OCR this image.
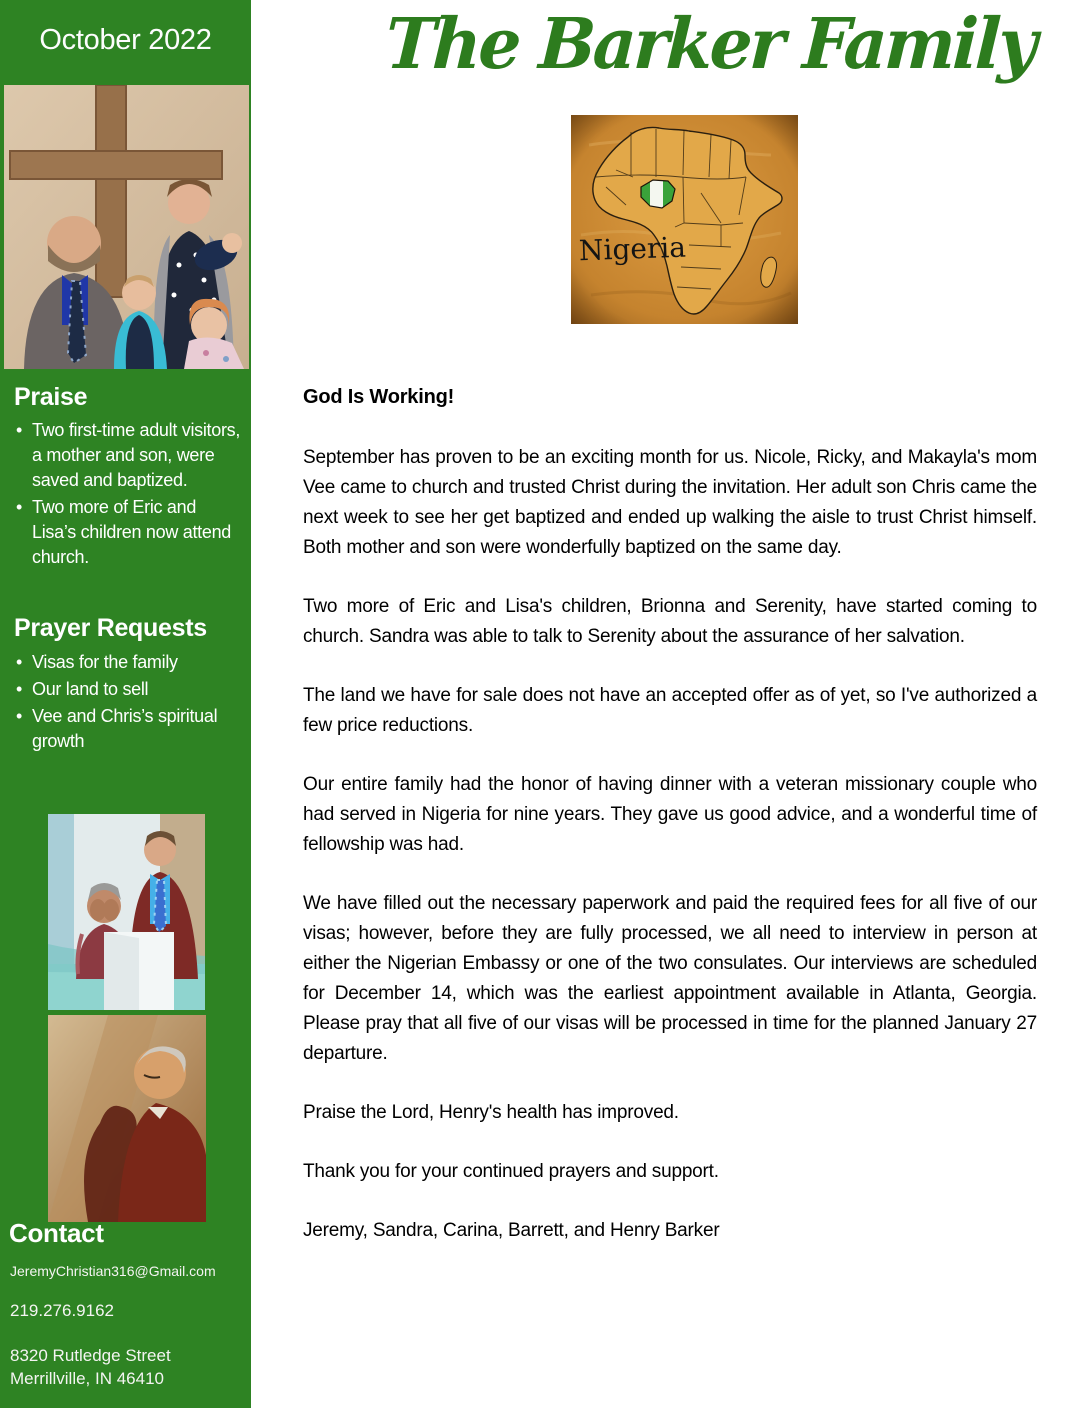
October 2022
Praise
• Two first-time adult visitors, a mother and son, were saved and baptized.
• Two more of Eric and Lisa’s children now attend church.
Prayer Requests
• Visas for the family
• Our land to sell
• Vee and Chris’s spiritual growth
Contact
JeremyChristian316@Gmail.com
219.276.9162
8320 Rutledge Street
Merrillville, IN 46410
The Barker Family
God Is Working!

September has proven to be an exciting month for us. Nicole, Ricky, and Makayla's mom Vee came to church and trusted Christ during the invitation. Her adult son Chris came the next week to see her get baptized and ended up walking the aisle to trust Christ himself. Both mother and son were wonderfully baptized on the same day.

Two more of Eric and Lisa's children, Brionna and Serenity, have started coming to church. Sandra was able to talk to Serenity about the assurance of her salvation.

The land we have for sale does not have an accepted offer as of yet, so I've authorized a few price reductions.

Our entire family had the honor of having dinner with a veteran missionary couple who had served in Nigeria for nine years. They gave us good advice, and a wonderful time of fellowship was had.

We have filled out the necessary paperwork and paid the required fees for all five of our visas; however, before they are fully processed, we all need to interview in person at either the Nigerian Embassy or one of the two consulates. Our interviews are scheduled for December 14, which was the earliest appointment available in Atlanta, Georgia. Please pray that all five of our visas will be processed in time for the planned January 27 departure.

Praise the Lord, Henry's health has improved.

Thank you for your continued prayers and support.

Jeremy, Sandra, Carina, Barrett, and Henry Barker
